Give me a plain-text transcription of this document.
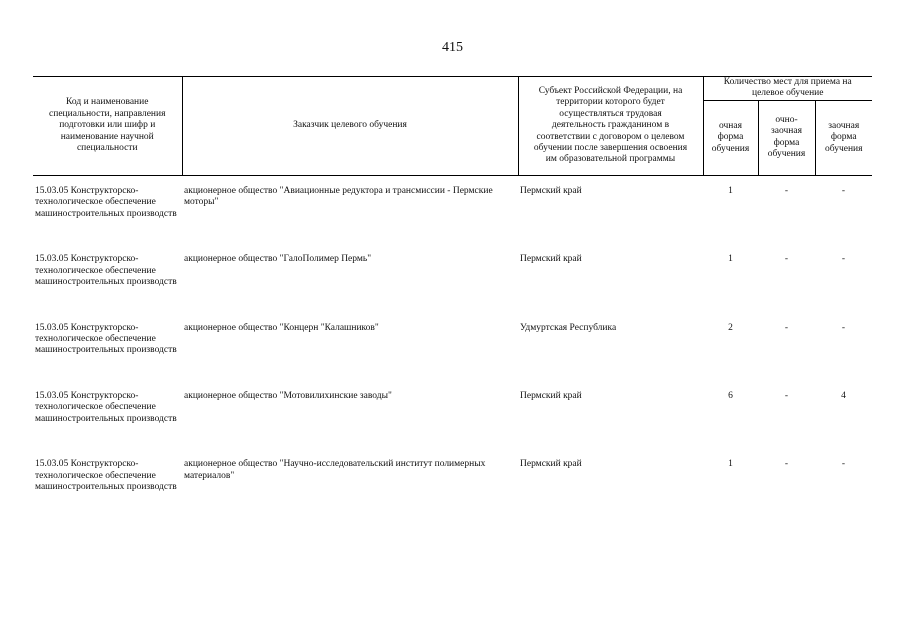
415
Код и наименование специальности, направления подготовки или шифр и наименование научной специальности	Заказчик целевого обучения	Субъект Российской Федерации, на территории которого будет осуществляться трудовая деятельность гражданином в соответствии с договором о целевом обучении после завершения освоения им образовательной программы	Количество мест для приема на целевое обучение		
			очная форма обучения	очно-заочная форма обучения	заочная форма обучения

15.03.05 Конструкторско-технологическое обеспечение машиностроительных производств	акционерное общество "Авиационные редуктора и трансмиссии - Пермские моторы"	Пермский край	1	-	-
15.03.05 Конструкторско-технологическое обеспечение машиностроительных производств	акционерное общество "ГалоПолимер Пермь"	Пермский край	1	-	-
15.03.05 Конструкторско-технологическое обеспечение машиностроительных производств	акционерное общество "Концерн "Калашников"	Удмуртская Республика	2	-	-
15.03.05 Конструкторско-технологическое обеспечение машиностроительных производств	акционерное общество "Мотовилихинские заводы"	Пермский край	6	-	4
15.03.05 Конструкторско-технологическое обеспечение машиностроительных производств	акционерное общество "Научно-исследовательский институт полимерных материалов"	Пермский край	1	-	-
